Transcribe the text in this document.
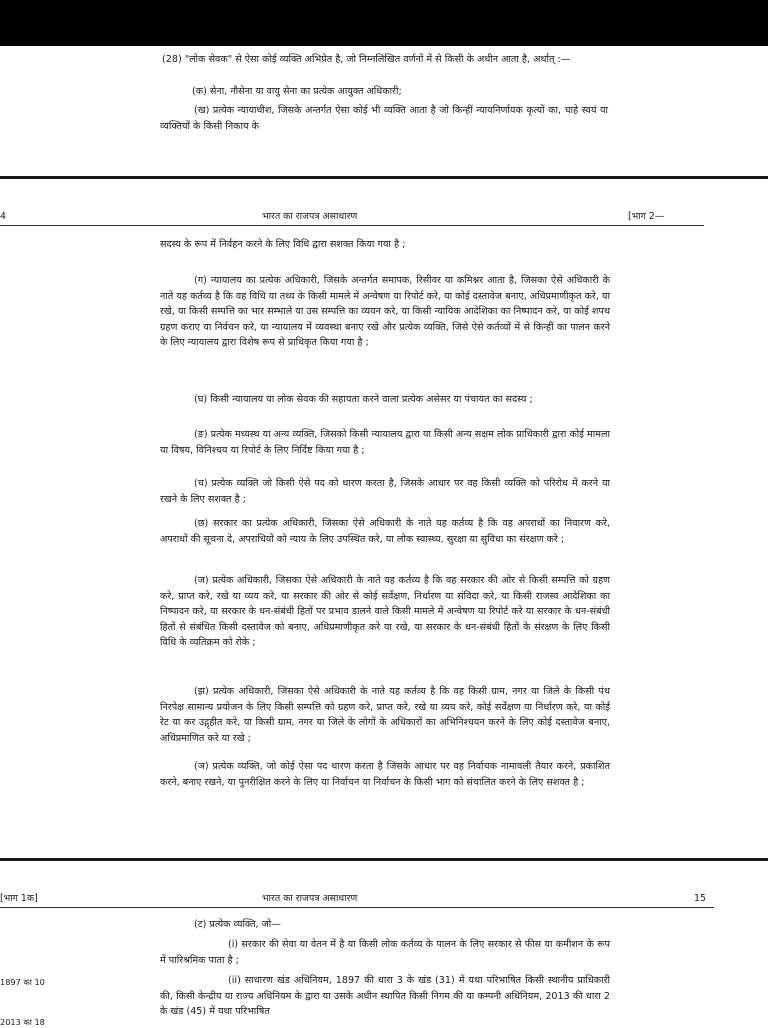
(28) "लोक सेवक" से ऐसा कोई व्यक्ति अभिप्रेत है, जो निम्नलिखित वर्णनों में से किसी के अधीन आता है, अर्थात्‌ :—

(क) सेना, नौसेना या वायु सेना का प्रत्येक आयुक्त अधिकारी;

(ख) प्रत्येक न्यायाधीश, जिसके अन्तर्गत ऐसा कोई भी व्यक्ति आता है जो किन्हीं न्यायनिर्णायक कृत्यों का, चाहे स्वयं या व्यक्तियों के किसी निकाय के

4	भारत का राजपत्र असाधारण	[भाग 2—

सदस्य के रूप में निर्वहन करने के लिए विधि द्वारा सशक्त किया गया है ;

(ग) न्यायालय का प्रत्येक अधिकारी, जिसके अन्तर्गत समापक, रिसीवर या कमिश्नर आता है, जिसका ऐसे अधिकारी के नाते यह कर्तव्य है कि वह विधि या तथ्य के किसी मामले में अन्वेषण या रिपोर्ट करे, या कोई दस्तावेज बनाए, अधिप्रमाणीकृत करे, या रखे, या किसी सम्पत्ति का भार सम्भाले या उस सम्पत्ति का व्ययन करे, या किसी न्यायिक आदेशिका का निष्पादन करे, या कोई शपथ ग्रहण कराए या निर्वचन करे, या न्यायालय में व्यवस्था बनाए रखे और प्रत्येक व्यक्ति, जिसे ऐसे कर्तव्यों में से किन्हीं का पालन करने के लिए न्यायालय द्वारा विशेष रूप से प्राधिकृत किया गया है ;

(घ) किसी न्यायालय या लोक सेवक की सहायता करने वाला प्रत्येक असेसर या पंचायत का सदस्य ;

(ङ) प्रत्येक मध्यस्थ या अन्य व्यक्ति, जिसको किसी न्यायालय द्वारा या किसी अन्य सक्षम लोक प्राधिकारी द्वारा कोई मामला या विषय, विनिश्चय या रिपोर्ट के लिए निर्दिष्ट किया गया है ;

(च) प्रत्येक व्यक्ति जो किसी ऐसे पद को धारण करता है, जिसके आधार पर वह किसी व्यक्ति को परिरोध में करने या रखने के लिए सशक्त है ;

(छ) सरकार का प्रत्येक अधिकारी, जिसका ऐसे अधिकारी के नाते यह कर्तव्य है कि वह अपराधों का निवारण करे, अपराधों की सूचना दे, अपराधियों को न्याय के लिए उपस्थित करे, या लोक स्वास्थ्य, सुरक्षा या सुविधा का संरक्षण करे ;

(ज) प्रत्येक अधिकारी, जिसका ऐसे अधिकारी के नाते यह कर्तव्य है कि वह सरकार की ओर से किसी सम्पत्ति को ग्रहण करे, प्राप्त करे, रखे या व्यय करे, या सरकार की ओर से कोई सर्वेक्षण, निर्धारण या संविदा करे, या किसी राजस्व आदेशिका का निष्पादन करे, या सरकार के धन-संबंधी हितों पर प्रभाव डालने वाले किसी मामले में अन्वेषण या रिपोर्ट करे या सरकार के धन-संबंधी हितों से संबंधित किसी दस्तावेज को बनाए, अधिप्रमाणीकृत करे या रखे, या सरकार के धन-संबंधी हितों के संरक्षण के लिए किसी विधि के व्यतिक्रम को रोके ;

(झ) प्रत्येक अधिकारी, जिसका ऐसे अधिकारी के नाते यह कर्तव्य है कि वह किसी ग्राम, नगर या जिले के किसी पंथ निरपेक्ष सामान्य प्रयोजन के लिए किसी सम्पत्ति को ग्रहण करे, प्राप्त करे, रखे या व्यय करे, कोई सर्वेक्षण या निर्धारण करे, या कोई रेट या कर उद्गृहीत करे, या किसी ग्राम, नगर या जिले के लोगों के अधिकारों का अभिनिश्चयन करने के लिए कोई दस्तावेज बनाए, अधिप्रमाणित करे या रखे ;

(ञ) प्रत्येक व्यक्ति, जो कोई ऐसा पद धारण करता है जिसके आधार पर वह निर्वाचक नामावली तैयार करने, प्रकाशित करने, बनाए रखने, या पुनरीक्षित करने के लिए या निर्वाचन या निर्वाचन के किसी भाग को संचालित करने के लिए सशक्त है ;

[भाग 1क]	भारत का राजपत्र असाधारण	15

(ट) प्रत्येक व्यक्ति, जो—

(i) सरकार की सेवा या वेतन में है या किसी लोक कर्तव्य के पालन के लिए सरकार से फीस या कमीशन के रूप में पारिश्रमिक पाता है ;

(ii) साधारण खंड अधिनियम, 1897 की धारा 3 के खंड (31) में यथा परिभाषित किसी स्थानीय प्राधिकारी की, किसी केन्द्रीय या राज्य अधिनियम के द्वारा या उसके अधीन स्थापित किसी निगम की या कम्पनी अधिनियम, 2013 की धारा 2 के खंड (45) में यथा परिभाषित

1897 का 10
2013 का 18
